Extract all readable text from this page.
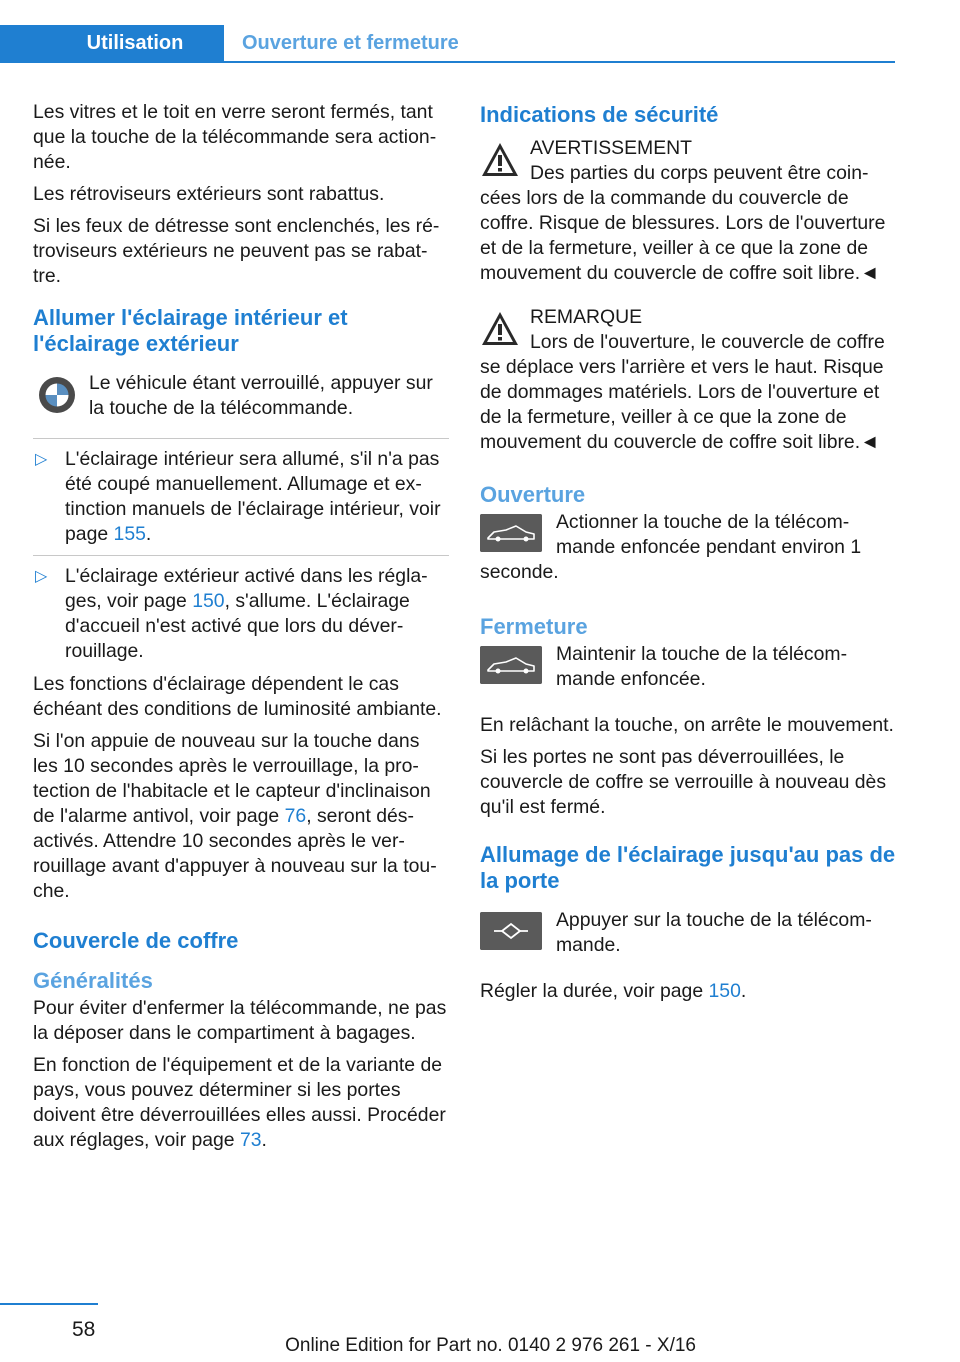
Utilisation	Ouverture et fermeture

Les vitres et le toit en verre seront fermés, tant que la touche de la télécommande sera actionnée.

Les rétroviseurs extérieurs sont rabattus.

Si les feux de détresse sont enclenchés, les rétroviseurs extérieurs ne peuvent pas se rabattre.

Allumer l'éclairage intérieur et l'éclairage extérieur

Le véhicule étant verrouillé, appuyer sur la touche de la télécommande.

▷ L'éclairage intérieur sera allumé, s'il n'a pas été coupé manuellement. Allumage et extinction manuels de l'éclairage intérieur, voir page 155.
▷ L'éclairage extérieur activé dans les réglages, voir page 150, s'allume. L'éclairage d'accueil n'est activé que lors du déverrouillage.

Les fonctions d'éclairage dépendent le cas échéant des conditions de luminosité ambiante.

Si l'on appuie de nouveau sur la touche dans les 10 secondes après le verrouillage, la protection de l'habitacle et le capteur d'inclinaison de l'alarme antivol, voir page 76, seront désactivés. Attendre 10 secondes après le verrouillage avant d'appuyer à nouveau sur la touche.

Couvercle de coffre
Généralités

Pour éviter d'enfermer la télécommande, ne pas la déposer dans le compartiment à bagages.

En fonction de l'équipement et de la variante de pays, vous pouvez déterminer si les portes doivent être déverrouillées elles aussi. Procéder aux réglages, voir page 73.

Indications de sécurité

AVERTISSEMENT

Des parties du corps peuvent être coincées lors de la commande du couvercle de coffre. Risque de blessures. Lors de l'ouverture et de la fermeture, veiller à ce que la zone de mouvement du couvercle de coffre soit libre.◄

REMARQUE

Lors de l'ouverture, le couvercle de coffre se déplace vers l'arrière et vers le haut. Risque de dommages matériels. Lors de l'ouverture et de la fermeture, veiller à ce que la zone de mouvement du couvercle de coffre soit libre.◄

Ouverture

Actionner la touche de la télécommande enfoncée pendant environ 1 seconde.

Fermeture

Maintenir la touche de la télécommande enfoncée.

En relâchant la touche, on arrête le mouvement.

Si les portes ne sont pas déverrouillées, le couvercle de coffre se verrouille à nouveau dès qu'il est fermé.

Allumage de l'éclairage jusqu'au pas de la porte

Appuyer sur la touche de la télécommande.

Régler la durée, voir page 150.

58
Online Edition for Part no. 0140 2 976 261 - X/16
